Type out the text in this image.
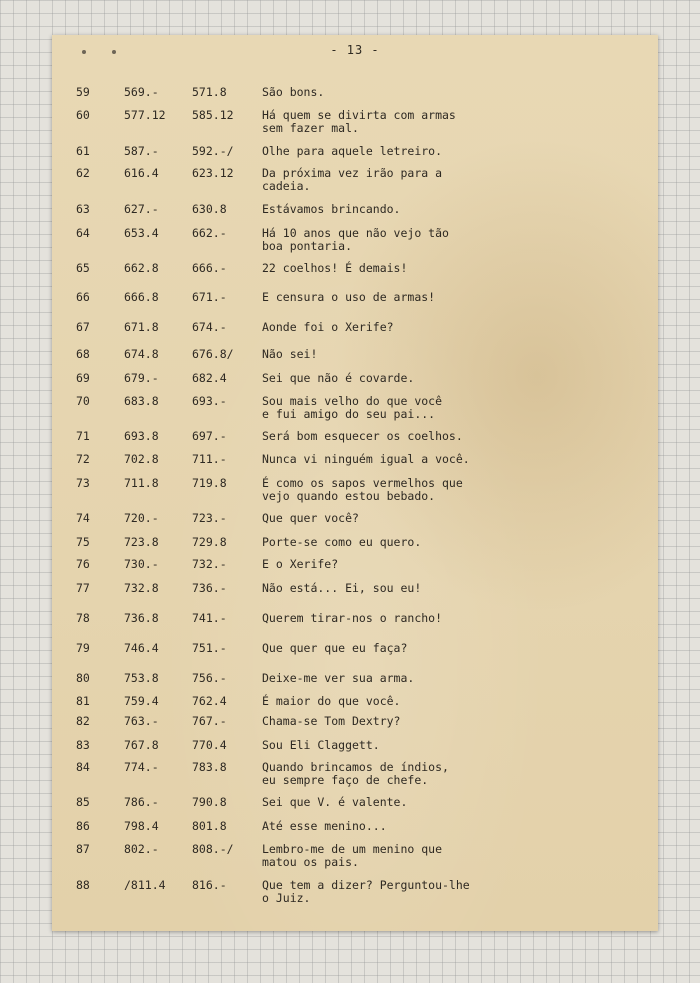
- 13 -
59	569.-	571.8	São bons.
60	577.12 585.12 Há quem se divirta com armas
sem fazer mal.
61	587.-	592.-/ Olhe para aquele letreiro.
62	616.4	623.12 Da próxima vez irão para a
cadeia.
63	627.-	630.8	Estávamos brincando.
64	653.4	662.-	Há 10 anos que não vejo tão
boa pontaria.
65	662.8	666.-	22 coelhos! É demais!
66	666.8	671.-	E censura o uso de armas!
67	671.8	674.-	Aonde foi o Xerife?
68	674.8	676.8/ Não sei!
69	679.-	682.4	Sei que não é covarde.
70	683.8	693.-	Sou mais velho do que você
e fui amigo do seu pai...
71	693.8	697.-	Será bom esquecer os coelhos.
72	702.8	711.-	Nunca vi ninguém igual a você.
73	711.8	719.8	É como os sapos vermelhos que
vejo quando estou bebado.
74	720.-	723.-	Que quer você?
75	723.8	729.8	Porte-se como eu quero.
76	730.-	732.-	E o Xerife?
77	732.8	736.-	Não está... Ei, sou eu!
78	736.8	741.-	Querem tirar-nos o rancho!
79	746.4	751.-	Que quer que eu faça?
80	753.8	756.-	Deixe-me ver sua arma.
81	759.4	762.4	É maior do que você.
82	763.-	767.-	Chama-se Tom Dextry?
83	767.8	770.4	Sou Eli Claggett.
84	774.-	783.8	Quando brincamos de índios,
eu sempre faço de chefe.
85	786.-	790.8	Sei que V. é valente.
86	798.4	801.8	Até esse menino...
87	802.-	808.-/ Lembro-me de um menino que
matou os pais.
88	/811.4 816.-	Que tem a dizer? Perguntou-lhe
o Juiz.
